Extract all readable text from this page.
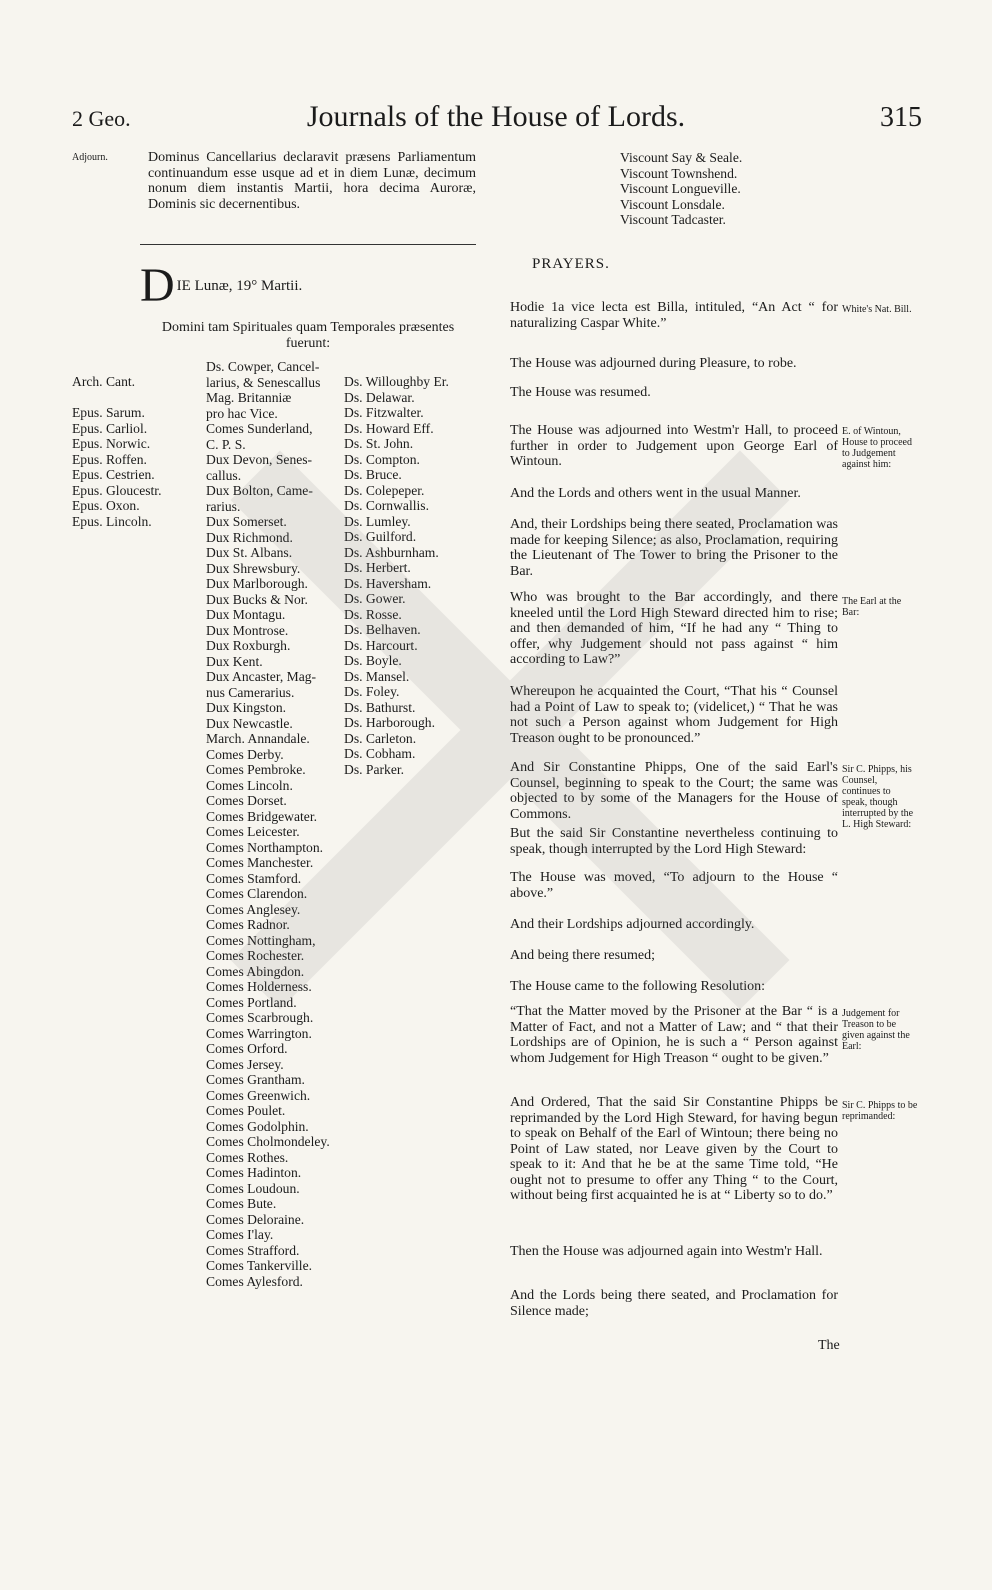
2 Geo.	Journals of the House of Lords.	315
Adjourn.	Dominus Cancellarius declaravit præsens Parliamentum continuandum esse usque ad et in diem Lunæ, decimum nonum diem instantis Martii, hora decima Auroræ, Dominis sic decernentibus.
D IE Lunæ, 19° Martii.
Domini tam Spirituales quam Temporales præsentes fuerunt:
Arch. Cant.
Epus. Sarum.
Epus. Carliol.
Epus. Norwic.
Epus. Roffen.
Epus. Cestrien.
Epus. Gloucestr.
Epus. Oxon.
Epus. Lincoln.
Ds. Cowper, Cancel-
larius, & Senescallus
Mag. Britanniæ
pro hac Vice.
Comes Sunderland,
C. P. S.
Dux Devon, Senes-
callus.
Dux Bolton, Came-
rarius.
Dux Somerset.
Dux Richmond.
Dux St. Albans.
Dux Shrewsbury.
Dux Marlborough.
Dux Bucks & Nor.
Dux Montagu.
Dux Montrose.
Dux Roxburgh.
Dux Kent.
Dux Ancaster, Mag-
nus Camerarius.
Dux Kingston.
Dux Newcastle.
March. Annandale.
Comes Derby.
Comes Pembroke.
Comes Lincoln.
Comes Dorset.
Comes Bridgewater.
Comes Leicester.
Comes Northampton.
Comes Manchester.
Comes Stamford.
Comes Clarendon.
Comes Anglesey.
Comes Radnor.
Comes Nottingham,
Comes Rochester.
Comes Abingdon.
Comes Holderness.
Comes Portland.
Comes Scarbrough.
Comes Warrington.
Comes Orford.
Comes Jersey.
Comes Grantham.
Comes Greenwich.
Comes Poulet.
Comes Godolphin.
Comes Cholmondeley.
Comes Rothes.
Comes Hadinton.
Comes Loudoun.
Comes Bute.
Comes Deloraine.
Comes I'lay.
Comes Strafford.
Comes Tankerville.
Comes Aylesford.
Ds. Willoughby Er.
Ds. Delawar.
Ds. Fitzwalter.
Ds. Howard Eff.
Ds. St. John.
Ds. Compton.
Ds. Bruce.
Ds. Colepeper.
Ds. Cornwallis.
Ds. Lumley.
Ds. Guilford.
Ds. Ashburnham.
Ds. Herbert.
Ds. Haversham.
Ds. Gower.
Ds. Rosse.
Ds. Belhaven.
Ds. Harcourt.
Ds. Boyle.
Ds. Mansel.
Ds. Foley.
Ds. Bathurst.
Ds. Harborough.
Ds. Carleton.
Ds. Cobham.
Ds. Parker.
Viscount Say & Seale.
Viscount Townshend.
Viscount Longueville.
Viscount Lonsdale.
Viscount Tadcaster.
PRAYERS.
Hodie 1a vice lecta est Billa, intituled, “An Act “ for naturalizing Caspar White.”
The House was adjourned during Pleasure, to robe.
The House was resumed.
The House was adjourned into Westm'r Hall, to proceed further in order to Judgement upon George Earl of Wintoun.
And the Lords and others went in the usual Manner.
And, their Lordships being there seated, Proclamation was made for keeping Silence; as also, Proclamation, requiring the Lieutenant of The Tower to bring the Prisoner to the Bar.
Who was brought to the Bar accordingly, and there kneeled until the Lord High Steward directed him to rise; and then demanded of him, “If he had any “ Thing to offer, why Judgement should not pass against “ him according to Law?”
Whereupon he acquainted the Court, “That his “ Counsel had a Point of Law to speak to; (videlicet,) “ That he was not such a Person against whom Judgement for High Treason ought to be pronounced.”
And Sir Constantine Phipps, One of the said Earl's Counsel, beginning to speak to the Court; the same was objected to by some of the Managers for the House of Commons.
But the said Sir Constantine nevertheless continuing to speak, though interrupted by the Lord High Steward:
The House was moved, “To adjourn to the House “ above.”
And their Lordships adjourned accordingly.
And being there resumed;
The House came to the following Resolution:
“That the Matter moved by the Prisoner at the Bar “ is a Matter of Fact, and not a Matter of Law; and “ that their Lordships are of Opinion, he is such a “ Person against whom Judgement for High Treason “ ought to be given.”
And Ordered, That the said Sir Constantine Phipps be reprimanded by the Lord High Steward, for having begun to speak on Behalf of the Earl of Wintoun; there being no Point of Law stated, nor Leave given by the Court to speak to it: And that he be at the same Time told, “He ought not to presume to offer any Thing “ to the Court, without being first acquainted he is at “ Liberty so to do.”
Then the House was adjourned again into Westm'r Hall.
And the Lords being there seated, and Proclamation for Silence made;
White's Nat. Bill.
E. of Wintoun, House to proceed to Judgement against him:
The Earl at the Bar:
Sir C. Phipps, his Counsel, continues to speak, though interrupted by the L. High Steward:
Judgement for Treason to be given against the Earl:
Sir C. Phipps to be reprimanded:
The
